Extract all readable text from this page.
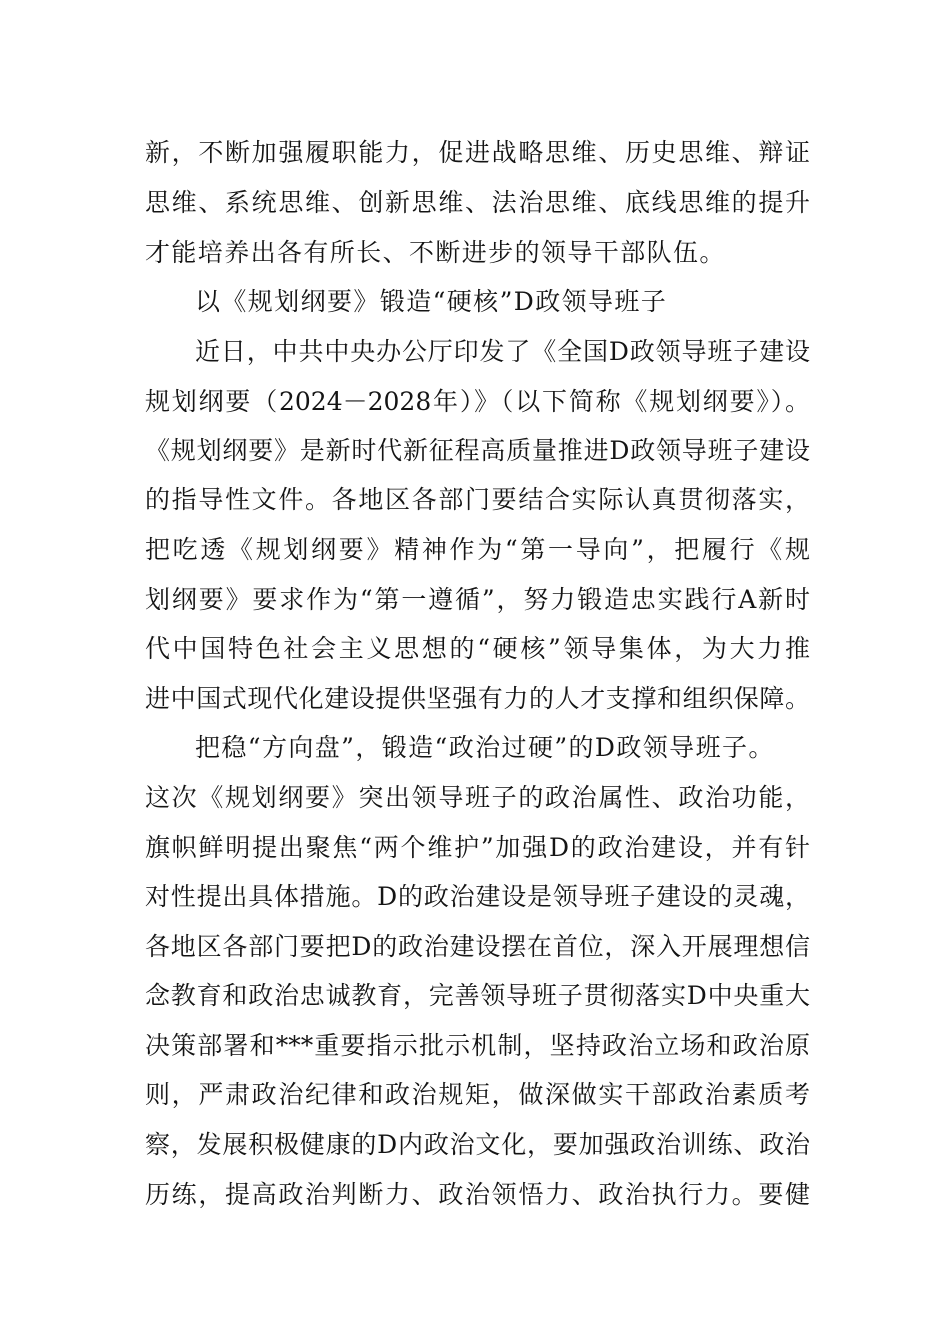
新，不断加强履职能力，促进战略思维、历史思维、辩证
思维、系统思维、创新思维、法治思维、底线思维的提升
才能培养出各有所长、不断进步的领导干部队伍。
以《规划纲要》锻造“硬核”D政领导班子
近日，中共中央办公厅印发了《全国D政领导班子建设
规划纲要（2024－2028年）》（以下简称《规划纲要》）。
《规划纲要》是新时代新征程高质量推进D政领导班子建设
的指导性文件。各地区各部门要结合实际认真贯彻落实，
把吃透《规划纲要》精神作为“第一导向”，把履行《规
划纲要》要求作为“第一遵循”，努力锻造忠实践行A新时
代中国特色社会主义思想的“硬核”领导集体，为大力推
进中国式现代化建设提供坚强有力的人才支撑和组织保障。
把稳“方向盘”，锻造“政治过硬”的D政领导班子。
这次《规划纲要》突出领导班子的政治属性、政治功能，
旗帜鲜明提出聚焦“两个维护”加强D的政治建设，并有针
对性提出具体措施。D的政治建设是领导班子建设的灵魂，
各地区各部门要把D的政治建设摆在首位，深入开展理想信
念教育和政治忠诚教育，完善领导班子贯彻落实D中央重大
决策部署和***重要指示批示机制，坚持政治立场和政治原
则，严肃政治纪律和政治规矩，做深做实干部政治素质考
察，发展积极健康的D内政治文化，要加强政治训练、政治
历练，提高政治判断力、政治领悟力、政治执行力。要健
